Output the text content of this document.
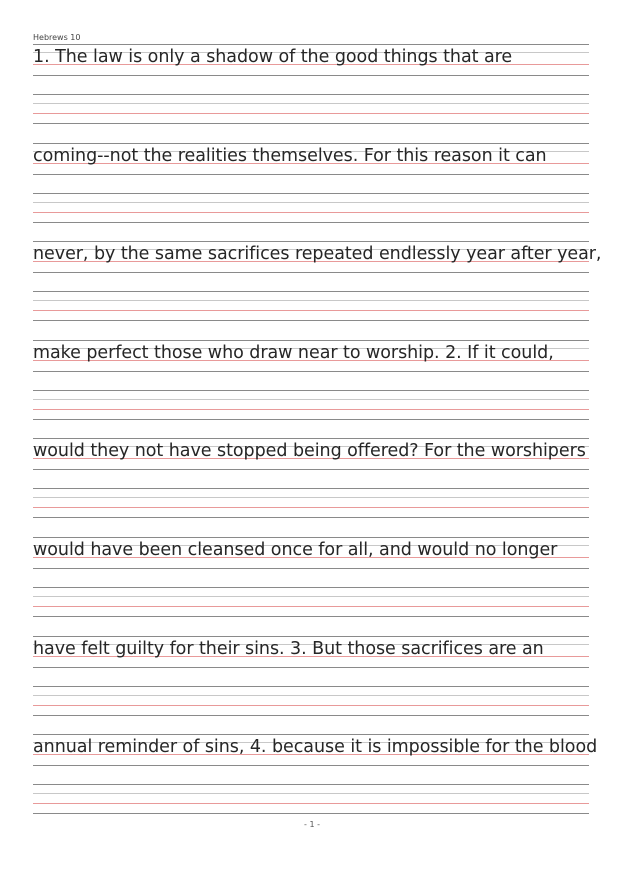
Hebrews 10
1. The law is only a shadow of the good things that are
coming--not the realities themselves. For this reason it can
never, by the same sacrifices repeated endlessly year after year,
make perfect those who draw near to worship. 2. If it could,
would they not have stopped being offered? For the worshipers
would have been cleansed once for all, and would no longer
have felt guilty for their sins. 3. But those sacrifices are an
annual reminder of sins, 4. because it is impossible for the blood
- 1 -
